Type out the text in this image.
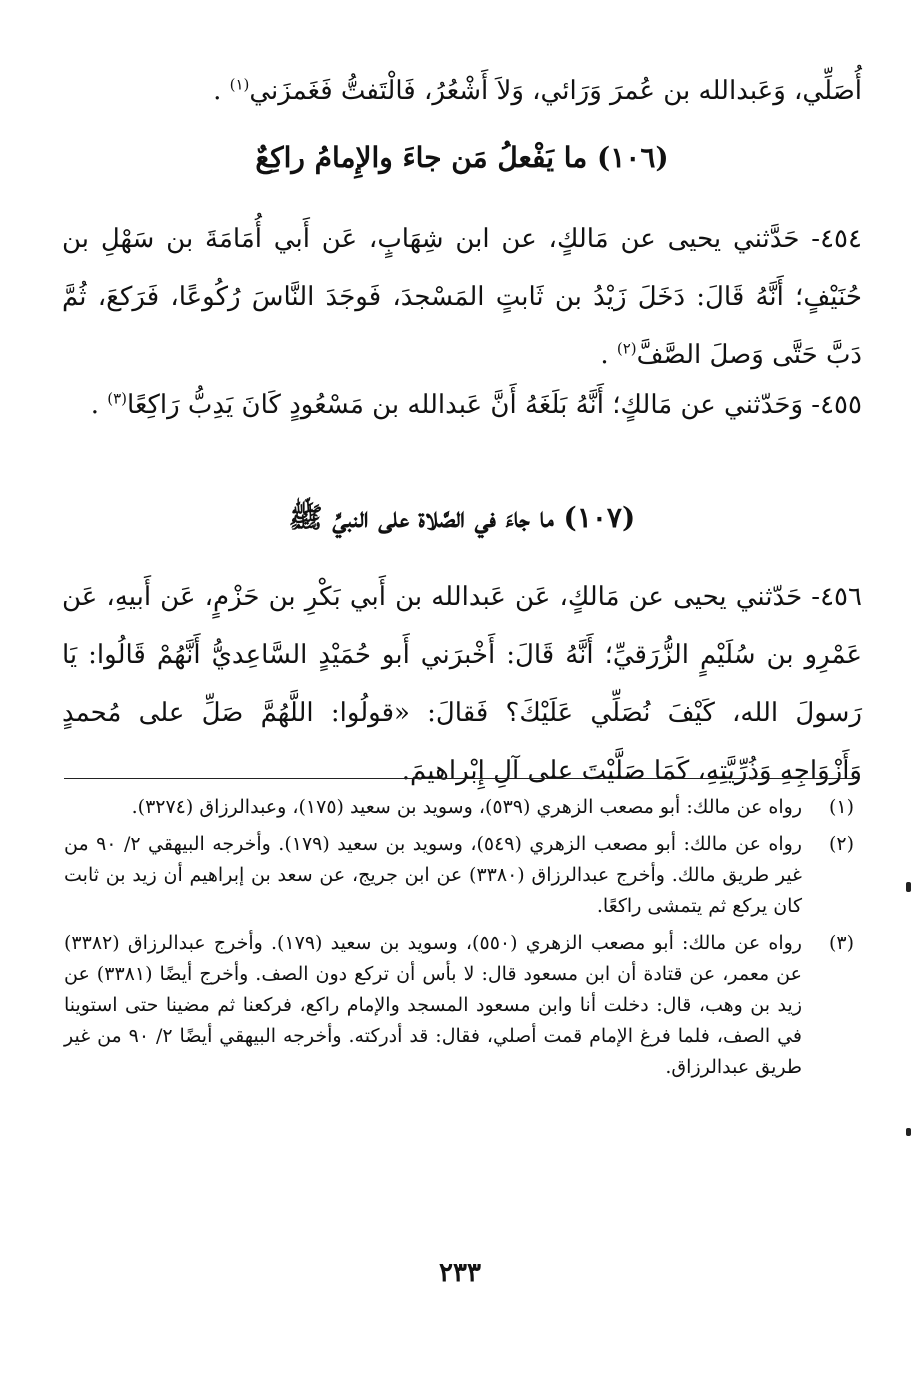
أُصَلِّي، وَعَبدالله بن عُمرَ وَرَائي، وَلاَ أَشْعُرُ، فَالْتَفتُّ فَغَمزَني$^{(١)}$ .
(١٠٦) ما يَفْعلُ مَن جاءَ والإِمامُ راكِعٌ
٤٥٤- حَدَّثني يحيى عن مَالكٍ، عن ابن شِهَابٍ، عَن أَبي أُمَامَةَ بن سَهْلِ بن حُنَيْفٍ؛ أَنَّهُ قَالَ: دَخَلَ زَيْدُ بن ثَابتٍ المَسْجدَ، فَوجَدَ النَّاسَ رُكُوعًا، فَرَكعَ، ثُمَّ دَبَّ حَتَّى وَصلَ الصَّفَّ$^{(٢)}$ .
٤٥٥- وَحَدّثني عن مَالكٍ؛ أَنَّهُ بَلَغَهُ أَنَّ عَبدالله بن مَسْعُودٍ كَانَ يَدِبُّ رَاكِعًا$^{(٣)}$ .
(١٠٧) ما جاءَ في الصَّلاة على النبيِّ ﷺ
٤٥٦- حَدّثني يحيى عن مَالكٍ، عَن عَبدالله بن أَبي بَكْرِ بن حَزْمٍ، عَن أَبيهِ، عَن عَمْرِو بن سُلَيْمٍ الزُّرَقيِّ؛ أَنَّهُ قَالَ: أَخْبرَني أَبو حُمَيْدٍ السَّاعِديُّ أَنَّهُمْ قَالُوا: يَا رَسولَ الله، كَيْفَ نُصَلِّي عَلَيْكَ؟ فَقالَ: «قولُوا: اللَّهُمَّ صَلِّ على مُحمدٍ وَأَزْوَاجِهِ وَذُرِّيَّتِهِ، كَمَا صَلَّيْتَ على آلِ إِبْراهيمَ.
(١)
رواه عن مالك: أبو مصعب الزهري (٥٣٩)، وسويد بن سعيد (١٧٥)، وعبدالرزاق (٣٢٧٤).
(٢)
رواه عن مالك: أبو مصعب الزهري (٥٤٩)، وسويد بن سعيد (١٧٩). وأخرجه البيهقي ٢/ ٩٠ من غير طريق مالك. وأخرج عبدالرزاق (٣٣٨٠) عن ابن جريج، عن سعد بن إبراهيم أن زيد بن ثابت كان يركع ثم يتمشى راكعًا.
(٣)
رواه عن مالك: أبو مصعب الزهري (٥٥٠)، وسويد بن سعيد (١٧٩). وأخرج عبدالرزاق (٣٣٨٢) عن معمر، عن قتادة أن ابن مسعود قال: لا بأس أن تركع دون الصف. وأخرج أيضًا (٣٣٨١) عن زيد بن وهب، قال: دخلت أنا وابن مسعود المسجد والإمام راكع، فركعنا ثم مضينا حتى استوينا في الصف، فلما فرغ الإمام قمت أصلي، فقال: قد أدركته. وأخرجه البيهقي أيضًا ٢/ ٩٠ من غير طريق عبدالرزاق.
٢٣٣
